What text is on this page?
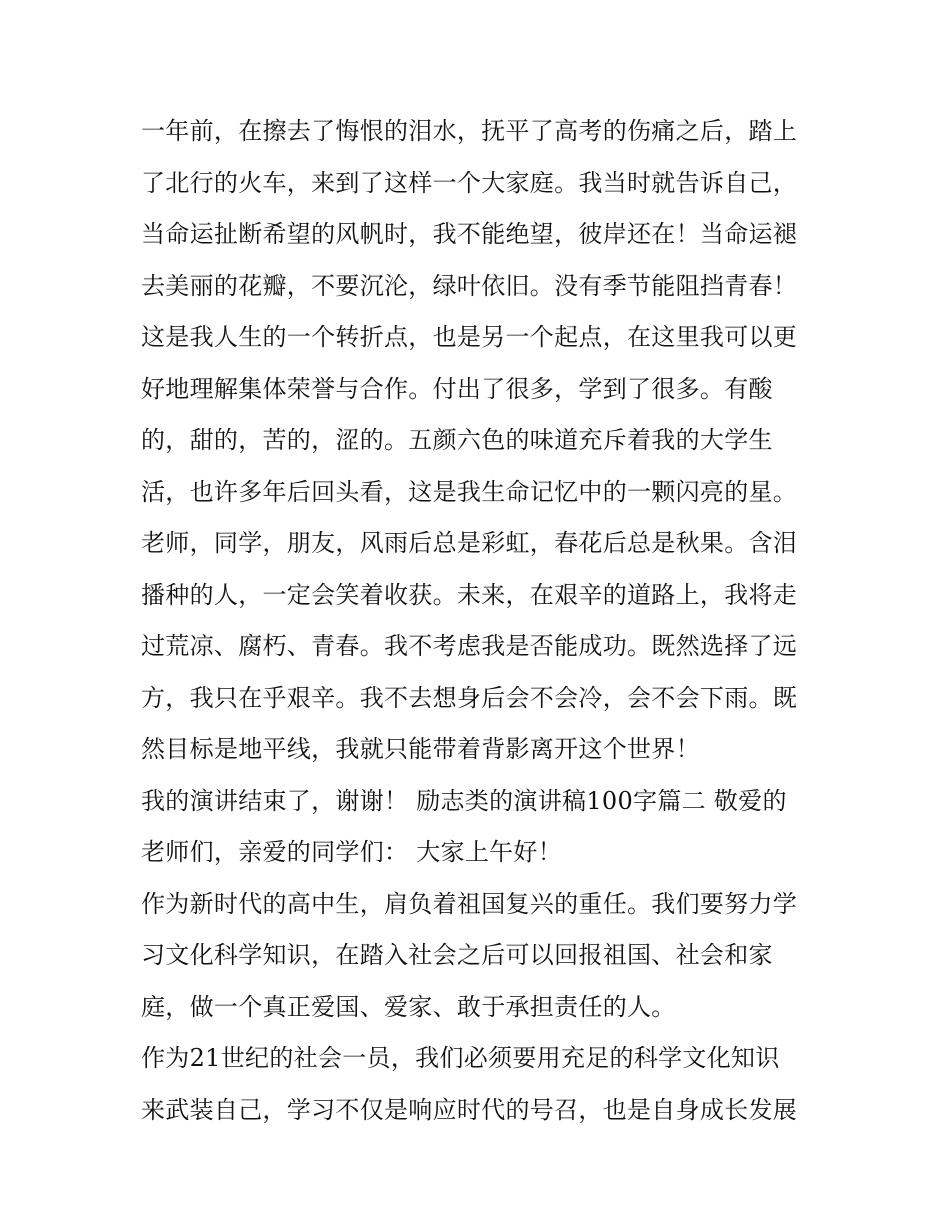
一年前，在擦去了悔恨的泪水，抚平了高考的伤痛之后，踏上
了北行的火车，来到了这样一个大家庭。我当时就告诉自己，
当命运扯断希望的风帆时，我不能绝望，彼岸还在！当命运褪
去美丽的花瓣，不要沉沦，绿叶依旧。没有季节能阻挡青春！
这是我人生的一个转折点，也是另一个起点，在这里我可以更
好地理解集体荣誉与合作。付出了很多，学到了很多。有酸
的，甜的，苦的，涩的。五颜六色的味道充斥着我的大学生
活，也许多年后回头看，这是我生命记忆中的一颗闪亮的星。
老师，同学，朋友，风雨后总是彩虹，春花后总是秋果。含泪
播种的人，一定会笑着收获。未来，在艰辛的道路上，我将走
过荒凉、腐朽、青春。我不考虑我是否能成功。既然选择了远
方，我只在乎艰辛。我不去想身后会不会冷，会不会下雨。既
然目标是地平线，我就只能带着背影离开这个世界！
我的演讲结束了，谢谢！ 励志类的演讲稿100字篇二 敬爱的
老师们，亲爱的同学们： 大家上午好！
作为新时代的高中生，肩负着祖国复兴的重任。我们要努力学
习文化科学知识，在踏入社会之后可以回报祖国、社会和家
庭，做一个真正爱国、爱家、敢于承担责任的人。
作为21世纪的社会一员，我们必须要用充足的科学文化知识
来武装自己，学习不仅是响应时代的号召，也是自身成长发展
